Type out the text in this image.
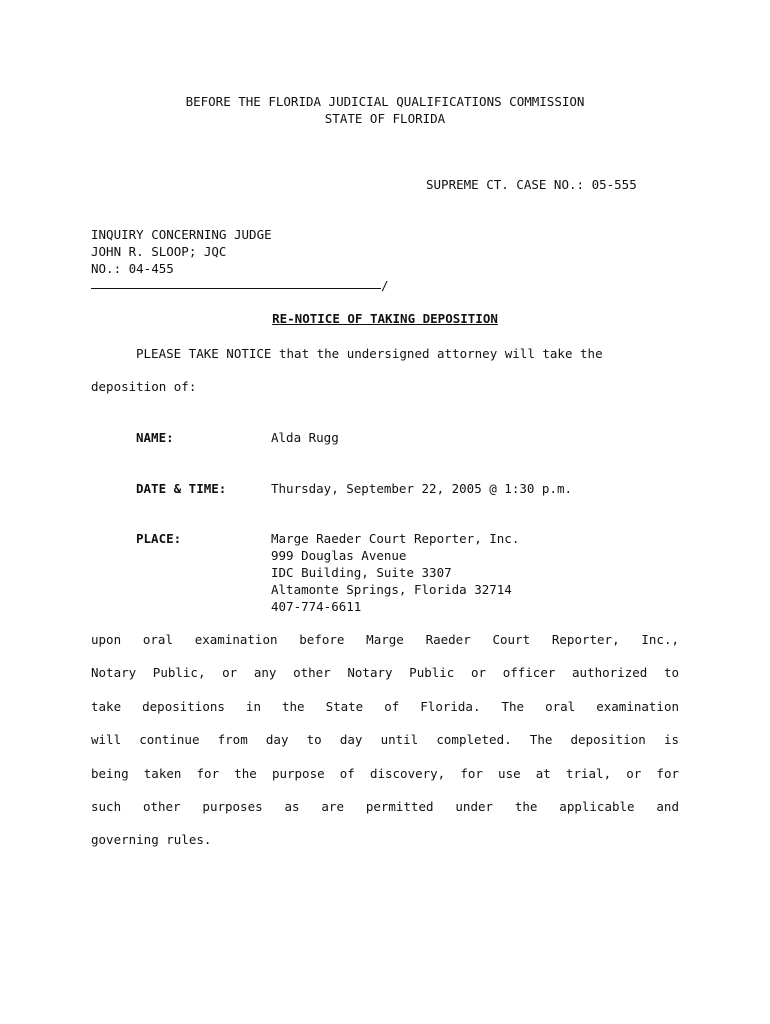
BEFORE THE FLORIDA JUDICIAL QUALIFICATIONS COMMISSION
STATE OF FLORIDA
SUPREME CT. CASE NO.: 05-555
INQUIRY CONCERNING JUDGE
JOHN R. SLOOP; JQC
NO.: 04-455
/
RE-NOTICE OF TAKING DEPOSITION
PLEASE TAKE NOTICE that the undersigned attorney will take the
deposition of:
NAME:	Alda Rugg
DATE & TIME:	Thursday, September 22, 2005 @ 1:30 p.m.
PLACE:	Marge Raeder Court Reporter, Inc.
999 Douglas Avenue
IDC Building, Suite 3307
Altamonte Springs, Florida 32714
407-774-6611
upon oral examination before Marge Raeder Court Reporter, Inc.,
Notary Public, or any other Notary Public or officer authorized to
take depositions in the State of Florida. The oral examination
will continue from day to day until completed. The deposition is
being taken for the purpose of discovery, for use at trial, or for
such other purposes as are permitted under the applicable and
governing rules.
